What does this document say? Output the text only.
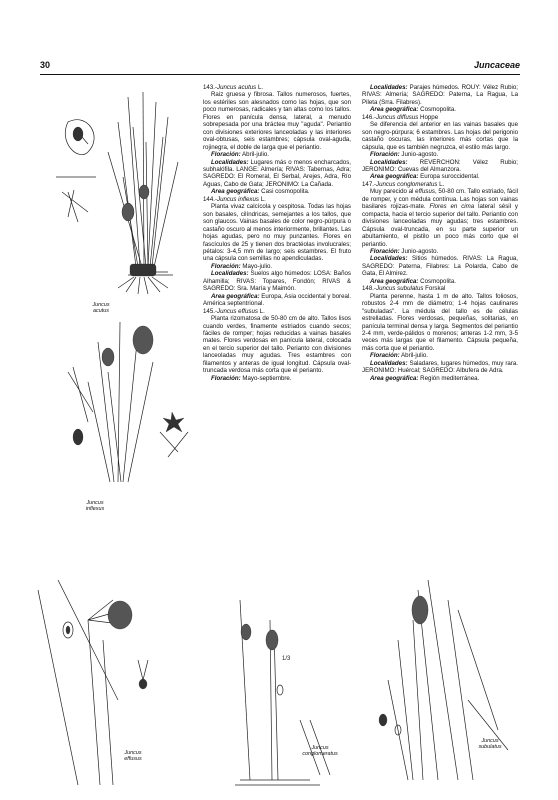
30	Juncaceae

143.-Juncus acutus L.

Raiz gruesa y fibrosa. Tallos numerosos, fuertes, los estériles son alesnados como las hojas, que son poco numerosas, radicales y tan altas como los tallos. Flores en panícula densa, lateral, a menudo sobrepesada por una bráctea muy "aguda". Periantio con divisiones exteriores lanceoladas y las interiores oval-obtusas, seis estambres; cápsula oval-aguda, rojinegra, el doble de larga que el periantio.

Floración: Abril-julio.

Localidades: Lugares más o menos encharcados, subhalófila. LANGE: Almería; RIVAS: Tabernas, Adra; SAGREDO: El Romeral, El Serbal, Arejes, Adra, Río Aguas, Cabo de Gata; JERONIMO: La Cañada.

Area geográfica: Casi cosmopolita.

144.-Juncus inflexus L.

Planta vivaz calcícola y cespitosa. Todas las hojas son basales, cilíndricas, semejantes a los tallos, que son glaucos. Vainas basales de color negro-púrpura o castaño oscuro al menos interiormente, brillantes. Las hojas agudas, pero no muy punzantes. Flores en fascículos de 25 y tienen dos bractéolas involucrales; pétalos: 3-4,5 mm de largo; seis estambres. El fruto una cápsula con semillas no apendiculadas.

Floración: Mayo-julio.

Localidades: Suelos algo húmedos: LOSA: Baños Alhamilla; RIVAS: Topares, Fondón; RIVAS & SAGREDO: Sra. María y Maimón.

Area geográfica: Europa, Asia occidental y boreal. América septentrional.

145.-Juncus effusus L.

Planta rizomatosa de 50-80 cm de alto. Tallos lisos cuando verdes, finamente estriados cuando secos; fáciles de romper; hojas reducidas a vainas basales mates. Flores verdosas en panícula lateral, colocada en el tercio superior del tallo. Perianto con divisiones lanceoladas muy agudas. Tres estambres con filamentos y anteras de igual longitud. Cápsula oval-truncada verdosa más corta que el perianto.

Floración: Mayo-septiembre.

Localidades: Parajes húmedos. ROUY: Vélez Rubio; RIVAS: Almería; SAGREDO: Paterna, La Ragua, La Pileta (Srra. Filabres).

Area geográfica: Cosmopolita.

146.-Juncus diffusus Hoppe

Se diferencia del anterior en las vainas basales que son negro-púrpura; 6 estambres. Las hojas del perigonio castaño oscuras, las interiores más cortas que la cápsula, que es también negruzca, el estilo más largo.

Floración: Junio-agosto.

Localidades: REVERCHON: Vélez Rubio; JERONIMO: Cuevas del Almanzora.

Area geográfica: Europa suroccidental.

147.-Juncus conglomeratus L.

Muy parecido al effusus, 50-80 cm. Tallo estriado, fácil de romper, y con médula contínua. Las hojas son vainas basilares rojizas-mate. Flores en cima lateral sésil y compacta, hacia el tercio superior del tallo. Periantio con divisiones lanceoladas muy agudas; tres estambres. Cápsula oval-truncada, en su parte superior un abultamiento, el pistilo un poco más corto que el periantio.

Floración: Junio-agosto.

Localidades: Sitios húmedos. RIVAS: La Ragua, SAGREDO: Paterna, Filabres: La Polarda, Cabo de Gata, El Almirez.

Area geográfica: Cosmopolita.

148.-Juncus subulatus Forskal

Planta perenne, hasta 1 m de alto. Tallos foliosos, robustos 2-4 mm de diámetro; 1-4 hojas caulinares "subuladas". La médula del tallo es de células estrelladas. Flores verdosas, pequeñas, solitarias, en panícula terminal densa y larga. Segmentos del periantio 2-4 mm, verde-pálidos o morenos; anteras 1-2 mm, 3-5 veces más largas que el filamento. Cápsula pequeña, más corta que el periantio.

Floración: Abril-julio.

Localidades: Saladares, lugares húmedos, muy rara. JERONIMO: Huércal; SAGREDO: Albufera de Adra.

Area geográfica: Región mediterránea.

Juncus
acutus
Juncus
inflexus
Juncus
effusus
1/3
Juncus
conglomeratus
Juncus
subulatus
